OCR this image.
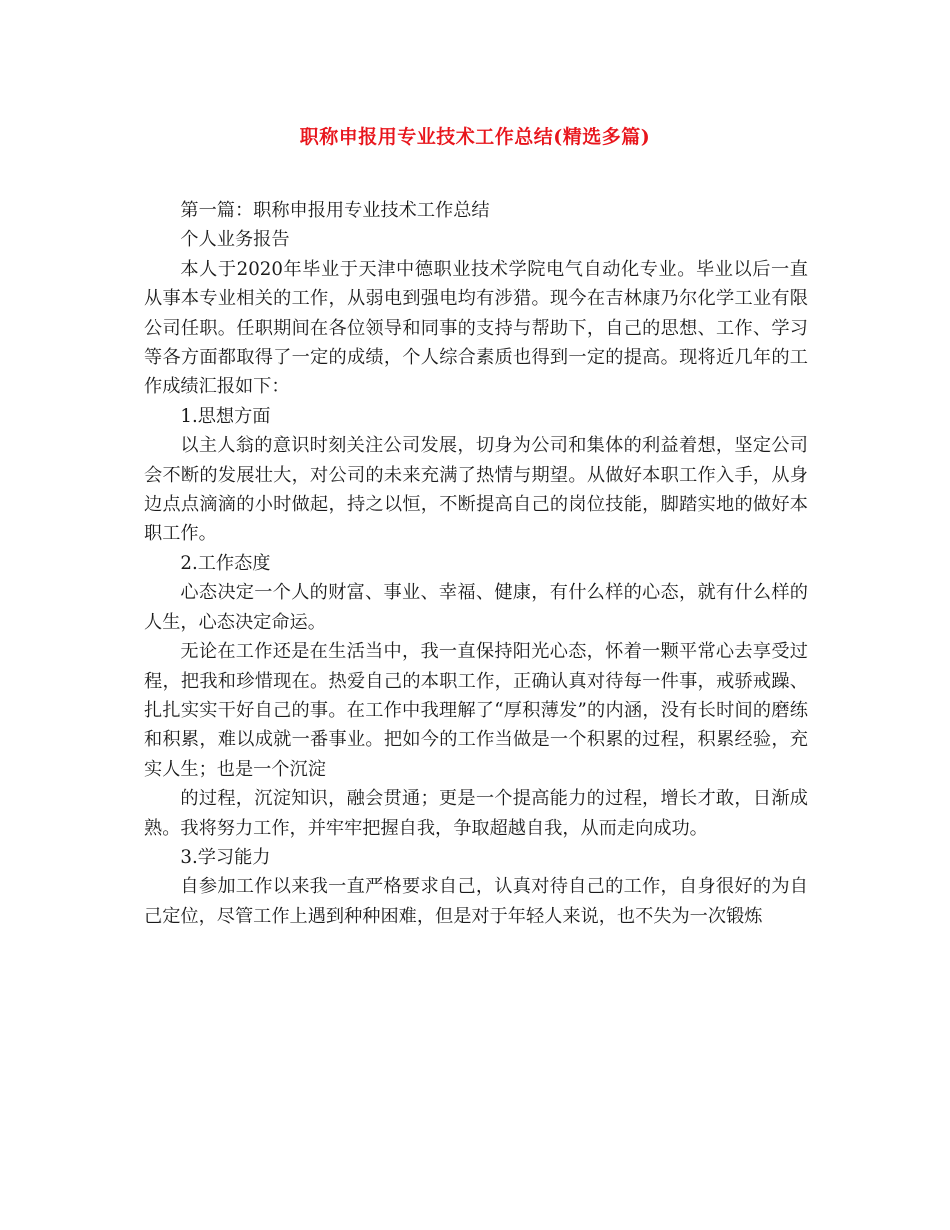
职称申报用专业技术工作总结(精选多篇)

第一篇：职称申报用专业技术工作总结

个人业务报告

本人于2020年毕业于天津中德职业技术学院电气自动化专业。毕业以后一直从事本专业相关的工作，从弱电到强电均有涉猎。现今在吉林康乃尔化学工业有限公司任职。任职期间在各位领导和同事的支持与帮助下，自己的思想、工作、学习等各方面都取得了一定的成绩，个人综合素质也得到一定的提高。现将近几年的工作成绩汇报如下：

1.思想方面

以主人翁的意识时刻关注公司发展，切身为公司和集体的利益着想，坚定公司会不断的发展壮大，对公司的未来充满了热情与期望。从做好本职工作入手，从身边点点滴滴的小时做起，持之以恒，不断提高自己的岗位技能，脚踏实地的做好本职工作。

2.工作态度

心态决定一个人的财富、事业、幸福、健康，有什么样的心态，就有什么样的人生，心态决定命运。

无论在工作还是在生活当中，我一直保持阳光心态，怀着一颗平常心去享受过程，把我和珍惜现在。热爱自己的本职工作，正确认真对待每一件事，戒骄戒躁、扎扎实实干好自己的事。在工作中我理解了“厚积薄发”的内涵，没有长时间的磨练和积累，难以成就一番事业。把如今的工作当做是一个积累的过程，积累经验，充实人生；也是一个沉淀

的过程，沉淀知识，融会贯通；更是一个提高能力的过程，增长才敢，日渐成熟。我将努力工作，并牢牢把握自我，争取超越自我，从而走向成功。

3.学习能力

自参加工作以来我一直严格要求自己，认真对待自己的工作，自身很好的为自己定位，尽管工作上遇到种种困难，但是对于年轻人来说，也不失为一次锻炼
